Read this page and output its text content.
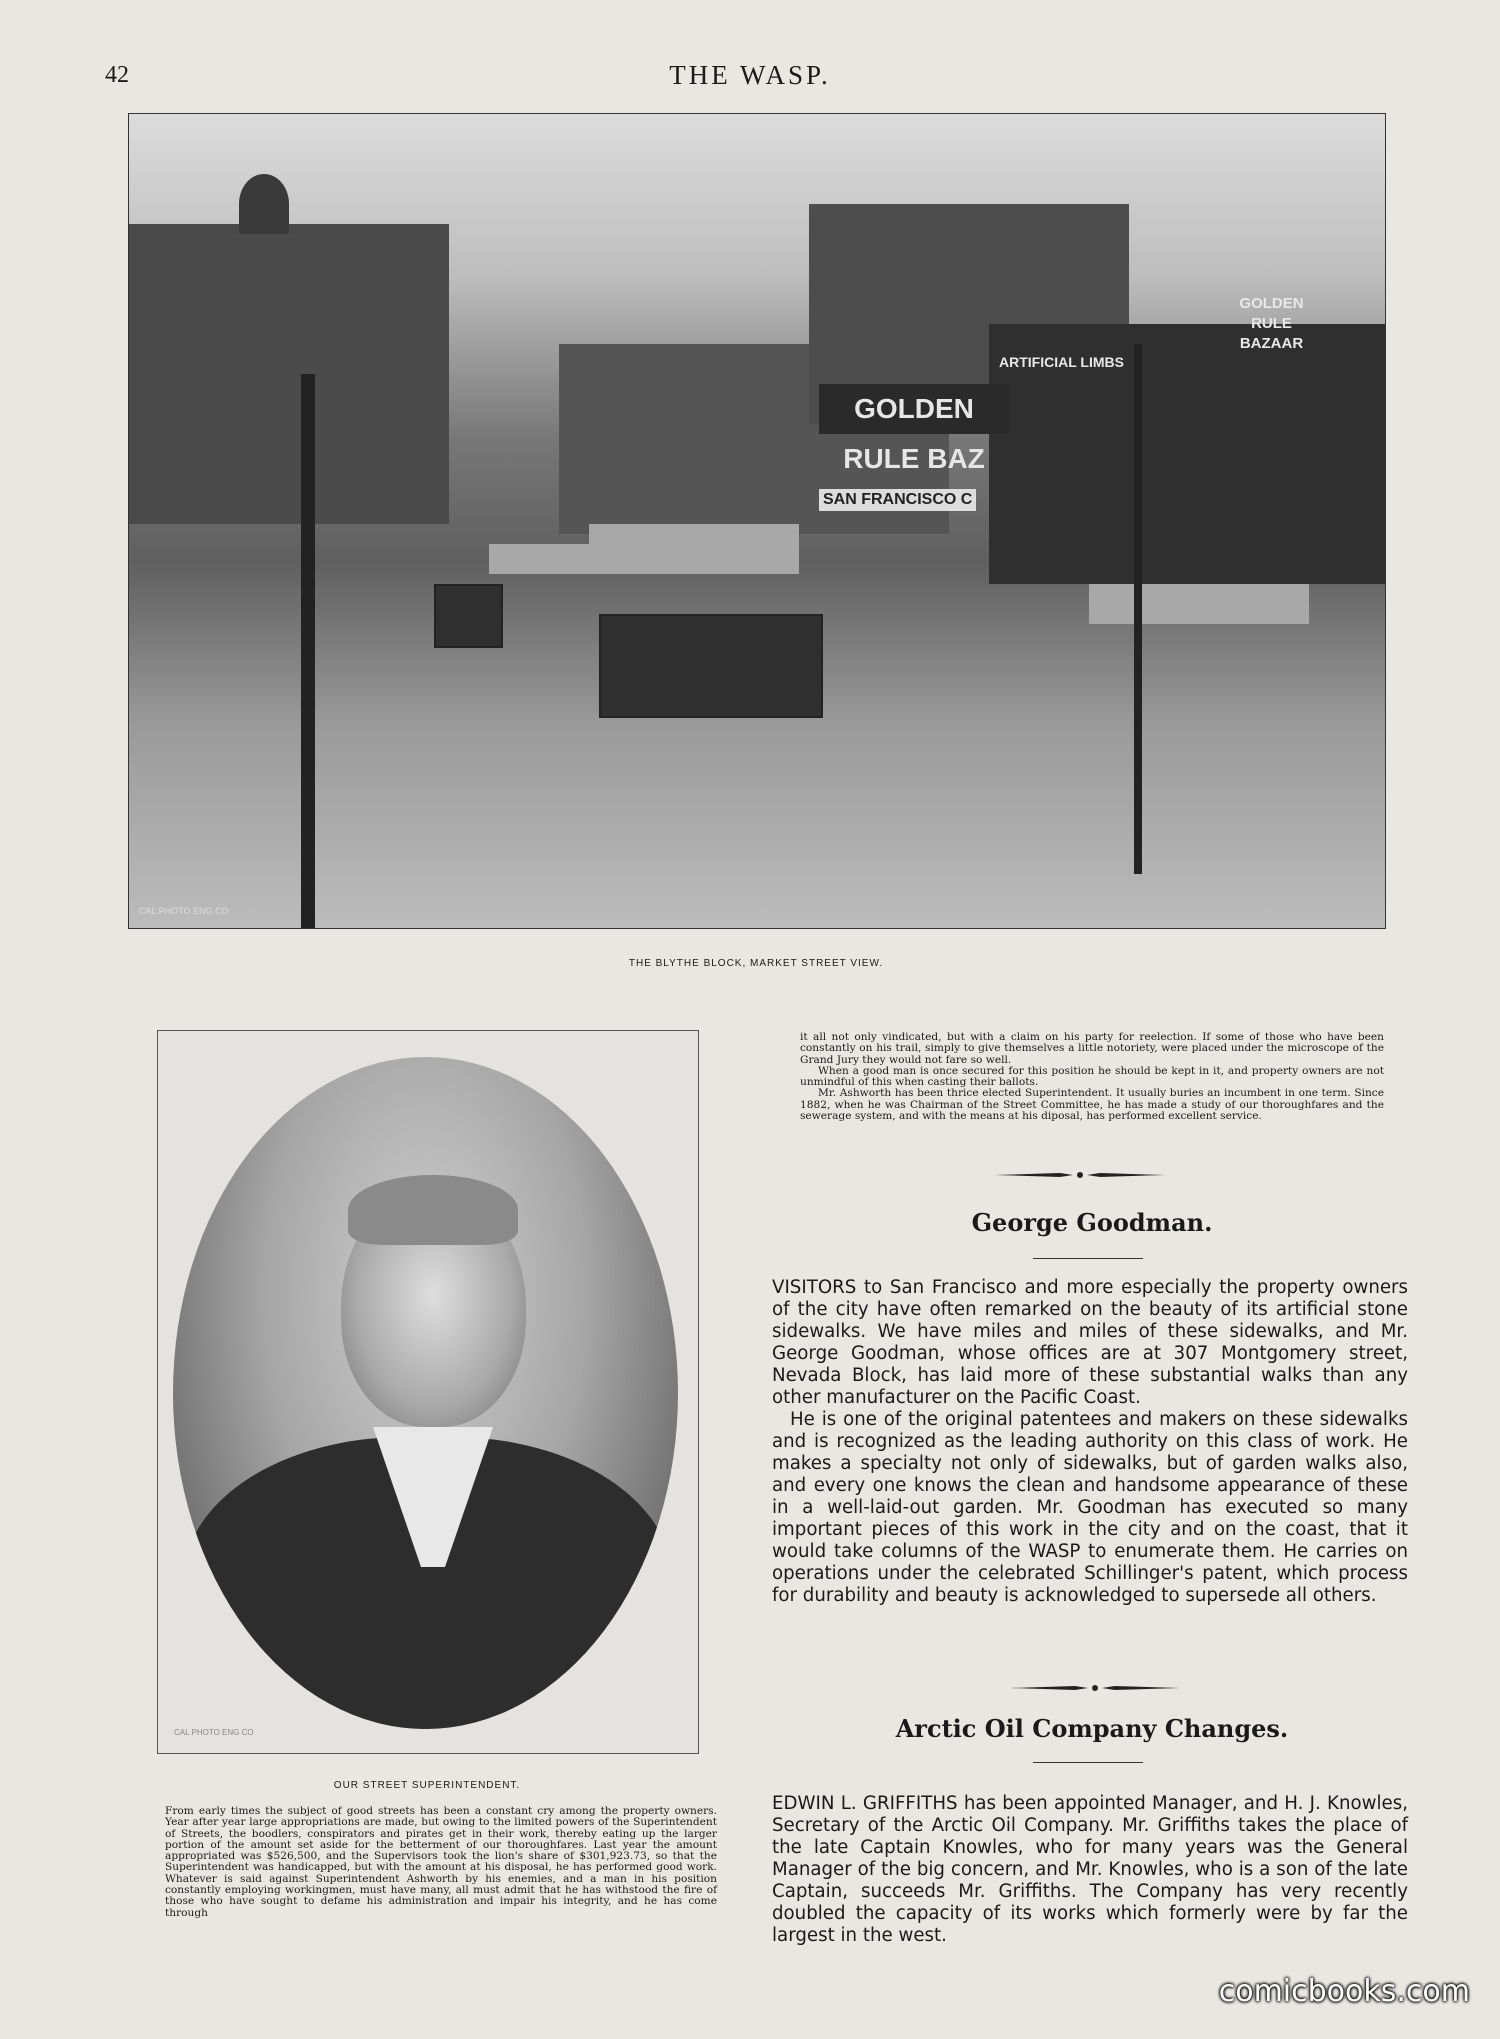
42	THE WASP.
GOLDEN RULE BAZ
GOLDEN RULE BAZAAR
ARTIFICIAL LIMBS
SAN FRANCISCO C
CAL PHOTO ENG CO
THE BLYTHE BLOCK, MARKET STREET VIEW.
CAL PHOTO ENG CO
OUR STREET SUPERINTENDENT.

From early times the subject of good streets has been a constant cry among the property owners. Year after year large appropriations are made, but owing to the limited powers of the Superintendent of Streets, the boodlers, conspirators and pirates get in their work, thereby eating up the larger portion of the amount set aside for the betterment of our thoroughfares. Last year the amount appropriated was $526,500, and the Supervisors took the lion's share of $301,923.73, so that the Superintendent was handicapped, but with the amount at his disposal, he has performed good work. Whatever is said against Superintendent Ashworth by his enemies, and a man in his position constantly employing workingmen, must have many, all must admit that he has withstood the fire of those who have sought to defame his administration and impair his integrity, and he has come through

it all not only vindicated, but with a claim on his party for reelection. If some of those who have been constantly on his trail, simply to give themselves a little notoriety, were placed under the microscope of the Grand Jury they would not fare so well.

When a good man is once secured for this position he should be kept in it, and property owners are not unmindful of this when casting their ballots.

Mr. Ashworth has been thrice elected Superintendent. It usually buries an incumbent in one term. Since 1882, when he was Chairman of the Street Committee, he has made a study of our thoroughfares and the sewerage system, and with the means at his diposal, has performed excellent service.

George Goodman.

VISITORS to San Francisco and more especially the property owners of the city have often remarked on the beauty of its artificial stone sidewalks. We have miles and miles of these sidewalks, and Mr. George Goodman, whose offices are at 307 Montgomery street, Nevada Block, has laid more of these substantial walks than any other manufacturer on the Pacific Coast.

He is one of the original patentees and makers on these sidewalks and is recognized as the leading authority on this class of work. He makes a specialty not only of sidewalks, but of garden walks also, and every one knows the clean and handsome appearance of these in a well-laid-out garden. Mr. Goodman has executed so many important pieces of this work in the city and on the coast, that it would take columns of the WASP to enumerate them. He carries on operations under the celebrated Schillinger's patent, which process for durability and beauty is acknowledged to supersede all others.

Arctic Oil Company Changes.

EDWIN L. GRIFFITHS has been appointed Manager, and H. J. Knowles, Secretary of the Arctic Oil Company. Mr. Griffiths takes the place of the late Captain Knowles, who for many years was the General Manager of the big concern, and Mr. Knowles, who is a son of the late Captain, succeeds Mr. Griffiths. The Company has very recently doubled the capacity of its works which formerly were by far the largest in the west.

comicbooks.com
